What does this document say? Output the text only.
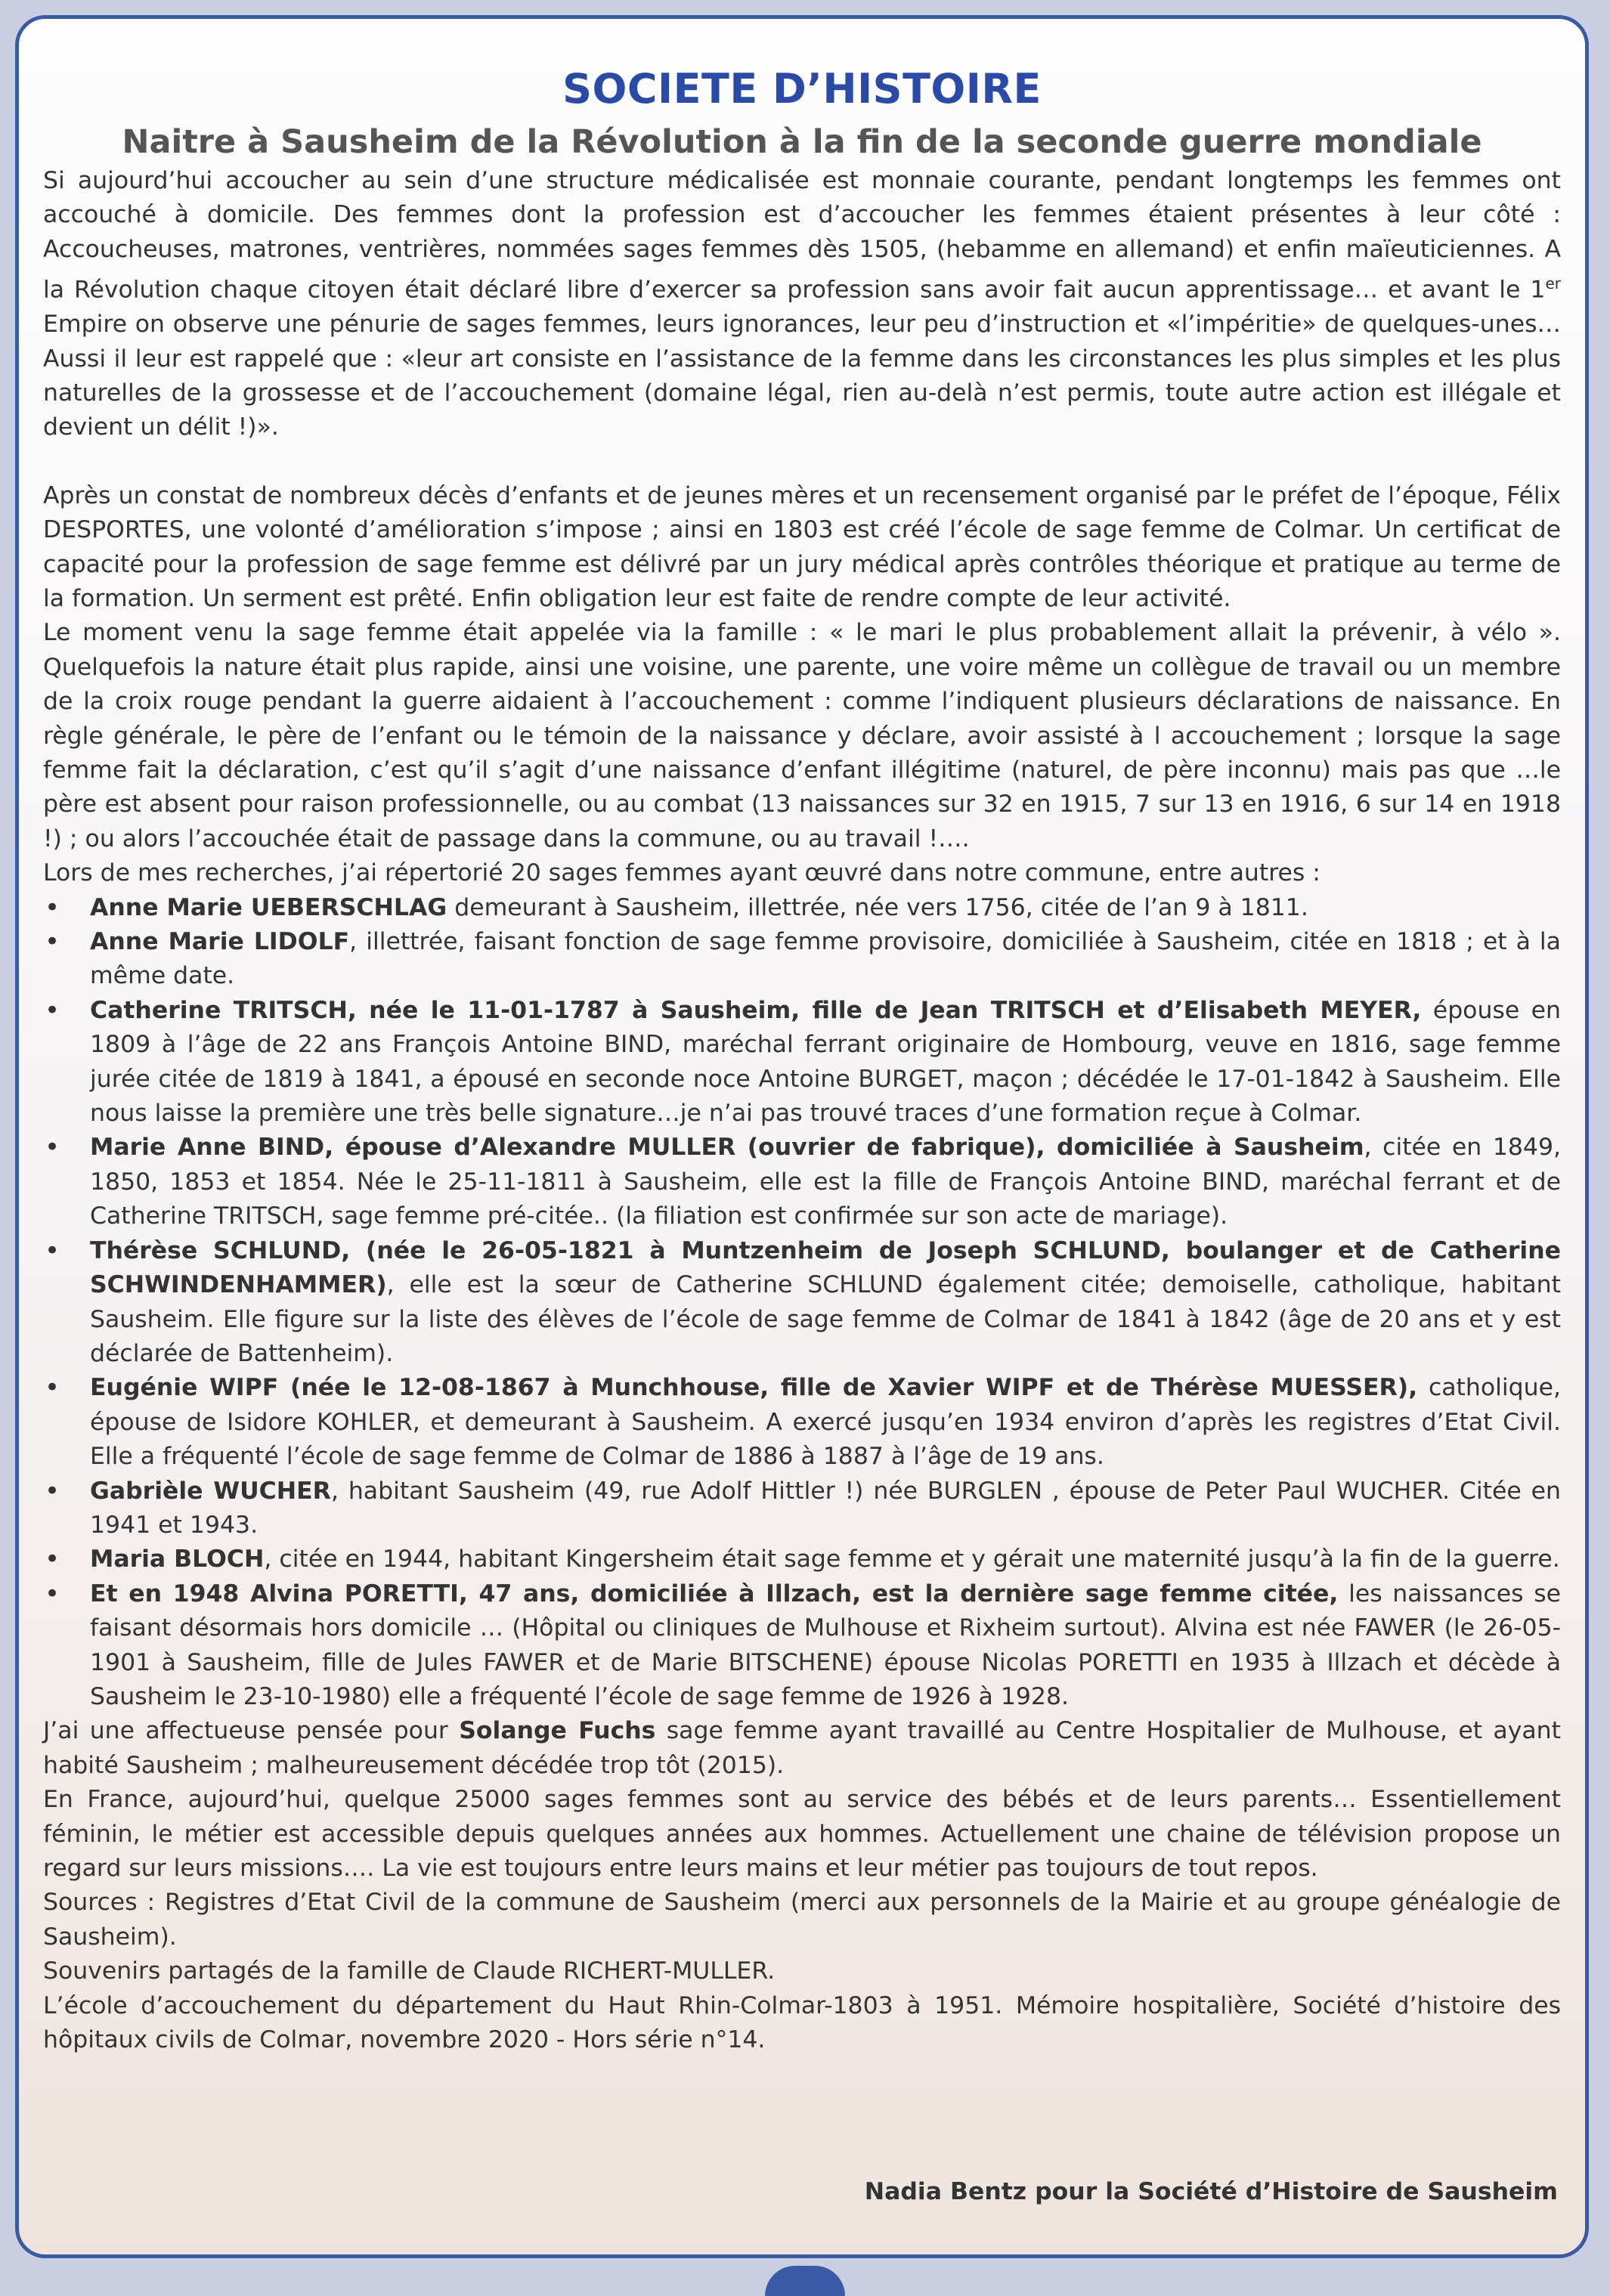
SOCIETE D’HISTOIRE
Naitre à Sausheim de la Révolution à la fin de la seconde guerre mondiale

Si aujourd’hui accoucher au sein d’une structure médicalisée est monnaie courante, pendant longtemps les femmes ont accouché à domicile. Des femmes dont la profession est d’accoucher les femmes étaient présentes à leur côté : Accoucheuses, matrones, ventrières, nommées sages femmes dès 1505, (hebamme en allemand) et enfin maïeuticiennes. A la Révolution chaque citoyen était déclaré libre d’exercer sa profession sans avoir fait aucun apprentissage… et avant le 1er Empire on observe une pénurie de sages femmes, leurs ignorances, leur peu d’instruction et «l’impéritie» de quelques-unes… Aussi il leur est rappelé que : «leur art consiste en l’assistance de la femme dans les circonstances les plus simples et les plus naturelles de la grossesse et de l’accouchement (domaine légal, rien au-delà n’est permis, toute autre action est illégale et devient un délit !)».

Après un constat de nombreux décès d’enfants et de jeunes mères et un recensement organisé par le préfet de l’époque, Félix DESPORTES, une volonté d’amélioration s’impose ; ainsi en 1803 est créé l’école de sage femme de Colmar. Un certificat de capacité pour la profession de sage femme est délivré par un jury médical après contrôles théorique et pratique au terme de la formation. Un serment est prêté. Enfin obligation leur est faite de rendre compte de leur activité.

Le moment venu la sage femme était appelée via la famille : « le mari le plus probablement allait la prévenir, à vélo ». Quelquefois la nature était plus rapide, ainsi une voisine, une parente, une voire même un collègue de travail ou un membre de la croix rouge pendant la guerre aidaient à l’accouchement : comme l’indiquent plusieurs déclarations de naissance. En règle générale, le père de l’enfant ou le témoin de la naissance y déclare, avoir assisté à l accouchement ; lorsque la sage femme fait la déclaration, c’est qu’il s’agit d’une naissance d’enfant illégitime (naturel, de père inconnu) mais pas que …le père est absent pour raison professionnelle, ou au combat (13 naissances sur 32 en 1915, 7 sur 13 en 1916, 6 sur 14 en 1918 !) ; ou alors l’accouchée était de passage dans la commune, ou au travail !….

Lors de mes recherches, j’ai répertorié 20 sages femmes ayant œuvré dans notre commune, entre autres :

• Anne Marie UEBERSCHLAG demeurant à Sausheim, illettrée, née vers 1756, citée de l’an 9 à 1811.
• Anne Marie LIDOLF, illettrée, faisant fonction de sage femme provisoire, domiciliée à Sausheim, citée en 1818 ; et à la même date.
• Catherine TRITSCH, née le 11-01-1787 à Sausheim, fille de Jean TRITSCH et d’Elisabeth MEYER, épouse en 1809 à l’âge de 22 ans François Antoine BIND, maréchal ferrant originaire de Hombourg, veuve en 1816, sage femme jurée citée de 1819 à 1841, a épousé en seconde noce Antoine BURGET, maçon ; décédée le 17-01-1842 à Sausheim. Elle nous laisse la première une très belle signature…je n’ai pas trouvé traces d’une formation reçue à Colmar.
• Marie Anne BIND, épouse d’Alexandre MULLER (ouvrier de fabrique), domiciliée à Sausheim, citée en 1849, 1850, 1853 et 1854. Née le 25-11-1811 à Sausheim, elle est la fille de François Antoine BIND, maréchal ferrant et de Catherine TRITSCH, sage femme pré-citée.. (la filiation est confirmée sur son acte de mariage).
• Thérèse SCHLUND, (née le 26-05-1821 à Muntzenheim de Joseph SCHLUND, boulanger et de Catherine SCHWINDENHAMMER), elle est la sœur de Catherine SCHLUND également citée; demoiselle, catholique, habitant Sausheim. Elle figure sur la liste des élèves de l’école de sage femme de Colmar de 1841 à 1842 (âge de 20 ans et y est déclarée de Battenheim).
• Eugénie WIPF (née le 12-08-1867 à Munchhouse, fille de Xavier WIPF et de Thérèse MUESSER), catholique, épouse de Isidore KOHLER, et demeurant à Sausheim. A exercé jusqu’en 1934 environ d’après les registres d’Etat Civil. Elle a fréquenté l’école de sage femme de Colmar de 1886 à 1887 à l’âge de 19 ans.
• Gabrièle WUCHER, habitant Sausheim (49, rue Adolf Hittler !) née BURGLEN , épouse de Peter Paul WUCHER. Citée en 1941 et 1943.
• Maria BLOCH, citée en 1944, habitant Kingersheim était sage femme et y gérait une maternité jusqu’à la fin de la guerre.
• Et en 1948 Alvina PORETTI, 47 ans, domiciliée à Illzach, est la dernière sage femme citée, les naissances se faisant désormais hors domicile … (Hôpital ou cliniques de Mulhouse et Rixheim surtout). Alvina est née FAWER (le 26-05-1901 à Sausheim, fille de Jules FAWER et de Marie BITSCHENE) épouse Nicolas PORETTI en 1935 à Illzach et décède à Sausheim le 23-10-1980) elle a fréquenté l’école de sage femme de 1926 à 1928.

J’ai une affectueuse pensée pour Solange Fuchs sage femme ayant travaillé au Centre Hospitalier de Mulhouse, et ayant habité Sausheim ; malheureusement décédée trop tôt (2015).

En France, aujourd’hui, quelque 25000 sages femmes sont au service des bébés et de leurs parents… Essentiellement féminin, le métier est accessible depuis quelques années aux hommes. Actuellement une chaine de télévision propose un regard sur leurs missions…. La vie est toujours entre leurs mains et leur métier pas toujours de tout repos.

Sources : Registres d’Etat Civil de la commune de Sausheim (merci aux personnels de la Mairie et au groupe généalogie de Sausheim).

Souvenirs partagés de la famille de Claude RICHERT-MULLER.

L’école d’accouchement du département du Haut Rhin-Colmar-1803 à 1951. Mémoire hospitalière, Société d’histoire des hôpitaux civils de Colmar, novembre 2020 - Hors série n°14.

Nadia Bentz pour la Société d’Histoire de Sausheim
